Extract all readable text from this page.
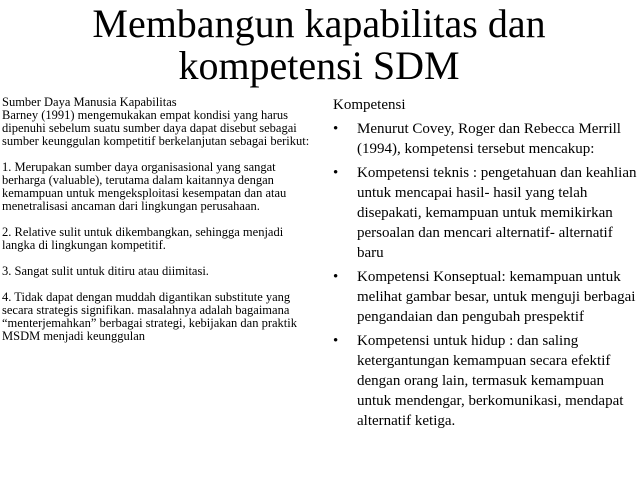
Membangun kapabilitas dan
kompetensi SDM

Sumber Daya Manusia Kapabilitas

Barney (1991) mengemukakan empat kondisi yang harus dipenuhi sebelum suatu sumber daya dapat disebut sebagai sumber keunggulan kompetitif berkelanjutan sebagai berikut:

1. Merupakan sumber daya organisasional yang sangat berharga (valuable), terutama dalam kaitannya dengan kemampuan untuk mengeksploitasi kesempatan dan atau menetralisasi ancaman dari lingkungan perusahaan.

2. Relative sulit untuk dikembangkan, sehingga menjadi langka di lingkungan kompetitif.

3. Sangat sulit untuk ditiru atau diimitasi.

4. Tidak dapat dengan muddah digantikan substitute yang secara strategis signifikan. masalahnya adalah bagaimana “menterjemahkan” berbagai strategi, kebijakan dan praktik MSDM menjadi keunggulan

Kompetensi

• Menurut Covey, Roger dan Rebecca Merrill (1994), kompetensi tersebut mencakup:
• Kompetensi teknis : pengetahuan dan keahlian untuk mencapai hasil- hasil yang telah disepakati, kemampuan untuk memikirkan persoalan dan mencari alternatif- alternatif baru
• Kompetensi Konseptual: kemampuan untuk melihat gambar besar, untuk menguji berbagai pengandaian dan pengubah prespektif
• Kompetensi untuk hidup : dan saling ketergantungan kemampuan secara efektif dengan orang lain, termasuk kemampuan untuk mendengar, berkomunikasi, mendapat alternatif ketiga.
